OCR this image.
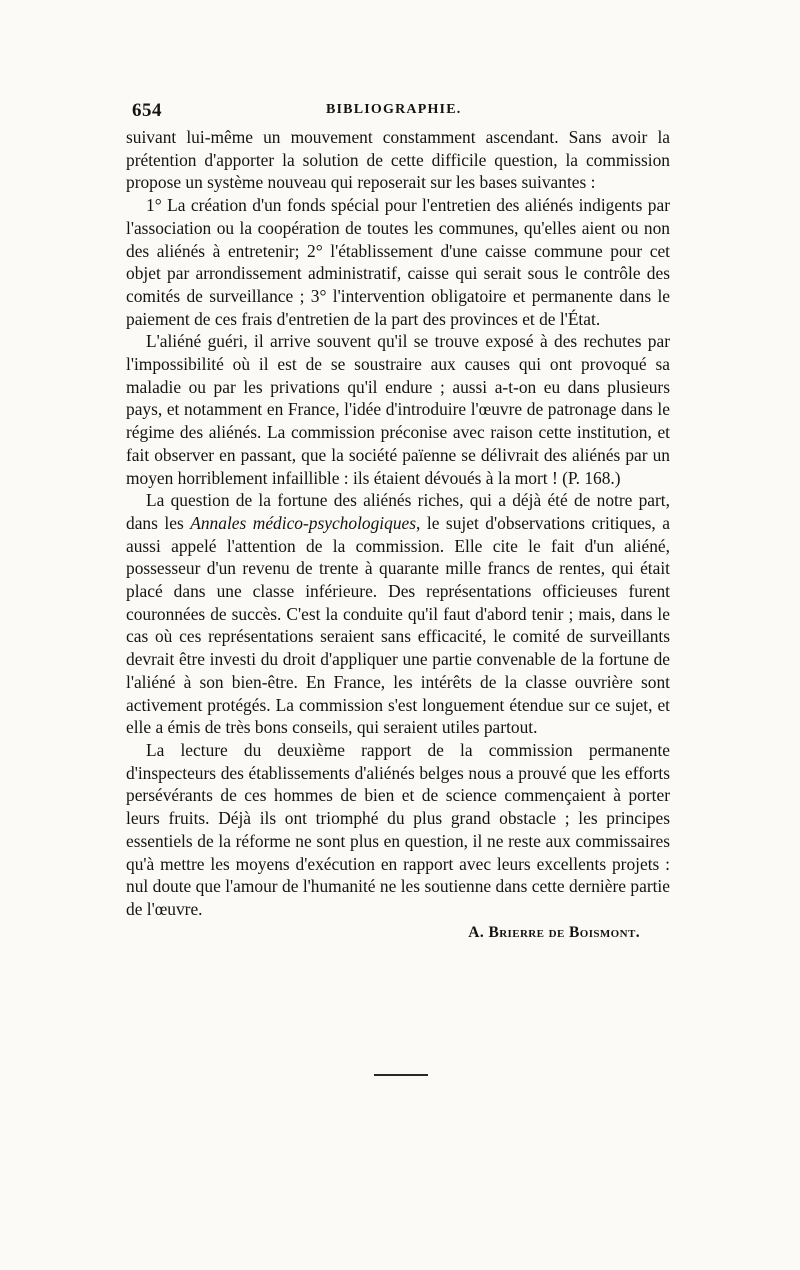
654	BIBLIOGRAPHIE.

suivant lui-même un mouvement constamment ascendant. Sans avoir la prétention d'apporter la solution de cette difficile question, la commission propose un système nouveau qui reposerait sur les bases suivantes :

1° La création d'un fonds spécial pour l'entretien des aliénés indigents par l'association ou la coopération de toutes les communes, qu'elles aient ou non des aliénés à entretenir; 2° l'établissement d'une caisse commune pour cet objet par arrondissement administratif, caisse qui serait sous le contrôle des comités de surveillance ; 3° l'intervention obligatoire et permanente dans le paiement de ces frais d'entretien de la part des provinces et de l'État.

L'aliéné guéri, il arrive souvent qu'il se trouve exposé à des rechutes par l'impossibilité où il est de se soustraire aux causes qui ont provoqué sa maladie ou par les privations qu'il endure ; aussi a-t-on eu dans plusieurs pays, et notamment en France, l'idée d'introduire l'œuvre de patronage dans le régime des aliénés. La commission préconise avec raison cette institution, et fait observer en passant, que la société païenne se délivrait des aliénés par un moyen horriblement infaillible : ils étaient dévoués à la mort ! (P. 168.)

La question de la fortune des aliénés riches, qui a déjà été de notre part, dans les Annales médico-psychologiques, le sujet d'observations critiques, a aussi appelé l'attention de la commission. Elle cite le fait d'un aliéné, possesseur d'un revenu de trente à quarante mille francs de rentes, qui était placé dans une classe inférieure. Des représentations officieuses furent couronnées de succès. C'est la conduite qu'il faut d'abord tenir ; mais, dans le cas où ces représentations seraient sans efficacité, le comité de surveillants devrait être investi du droit d'appliquer une partie convenable de la fortune de l'aliéné à son bien-être. En France, les intérêts de la classe ouvrière sont activement protégés. La commission s'est longuement étendue sur ce sujet, et elle a émis de très bons conseils, qui seraient utiles partout.

La lecture du deuxième rapport de la commission permanente d'inspecteurs des établissements d'aliénés belges nous a prouvé que les efforts persévérants de ces hommes de bien et de science commençaient à porter leurs fruits. Déjà ils ont triomphé du plus grand obstacle ; les principes essentiels de la réforme ne sont plus en question, il ne reste aux commissaires qu'à mettre les moyens d'exécution en rapport avec leurs excellents projets : nul doute que l'amour de l'humanité ne les soutienne dans cette dernière partie de l'œuvre.

A. Brierre de Boismont.
